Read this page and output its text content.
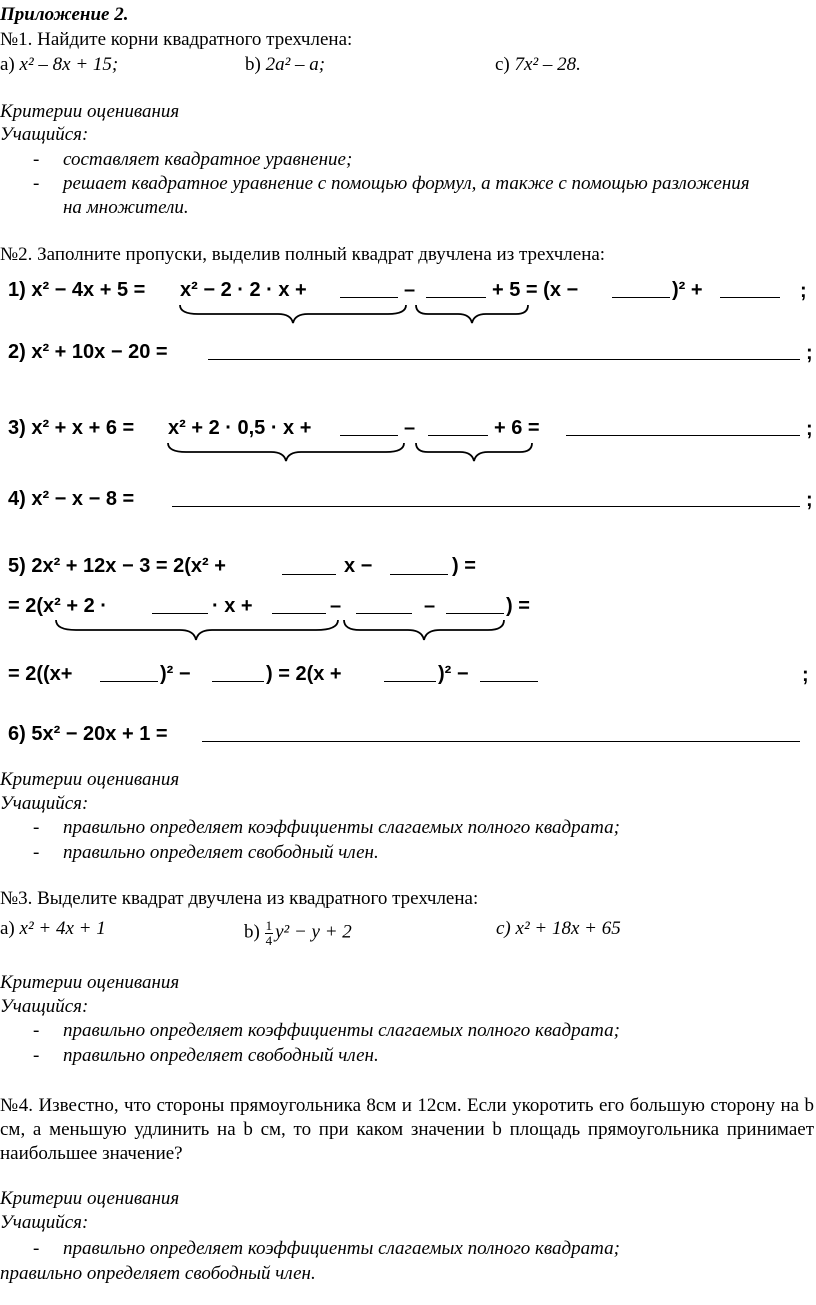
Приложение 2.
№1. Найдите корни квадратного трехчлена:
a) x² – 8x + 15;	b) 2a² – a;	c) 7x² – 28.
Критерии оценивания
Учащийся:
- составляет квадратное уравнение;
- решает квадратное уравнение с помощью формул, а также с помощью разложения
на множители.
№2. Заполните пропуски, выделив полный квадрат двучлена из трехчлена:
1) x² − 4x + 5 = x² − 2 · 2 · x +	–	+ 5 = (x −	)² +	;
2) x² + 10x − 20 =	;
3) x² + x + 6 = x² + 2 · 0,5 · x +	–	+ 6 =	;
4) x² − x − 8 =	;
5) 2x² + 12x − 3 = 2(x² +	x −	) =
= 2(x² + 2 ·	· x +	–	–	) =
= 2((x+	)² −	) = 2(x +	)² −	;
6) 5x² − 20x + 1 =
Критерии оценивания
Учащийся:
- правильно определяет коэффициенты слагаемых полного квадрата;
- правильно определяет свободный член.
№3. Выделите квадрат двучлена из квадратного трехчлена:
a) x² + 4x + 1	$b) \frac{1}{4} y^2 - y + 2$	c) x² + 18x + 65
Критерии оценивания
Учащийся:
- правильно определяет коэффициенты слагаемых полного квадрата;
- правильно определяет свободный член.
№4. Известно, что стороны прямоугольника 8см и 12см. Если укоротить его большую сторону на b см, а меньшую удлинить на b см, то при каком значении b площадь прямоугольника принимает наибольшее значение?
Критерии оценивания
Учащийся:
- правильно определяет коэффициенты слагаемых полного квадрата;
правильно определяет свободный член.
